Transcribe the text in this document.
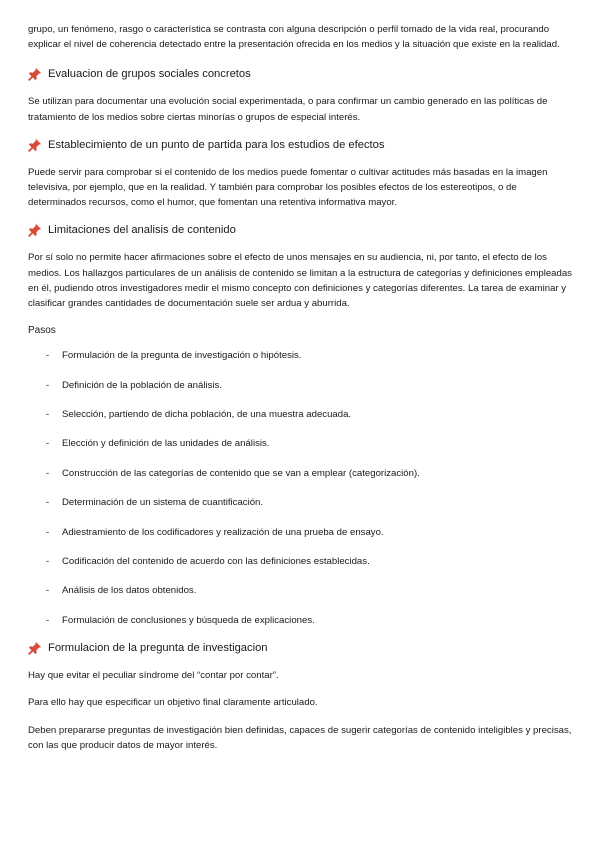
grupo, un fenómeno, rasgo o característica se contrasta con alguna descripción o perfil tomado de la vida real, procurando explicar el nivel de coherencia detectado entre la presentación ofrecida en los medios y la situación que existe en la realidad.

Evaluacion de grupos sociales concretos

Se utilizan para documentar una evolución social experimentada, o para confirmar un cambio generado en las políticas de tratamiento de los medios sobre ciertas minorías o grupos de especial interés.

Establecimiento de un punto de partida para los estudios de efectos

Puede servir para comprobar si el contenido de los medios puede fomentar o cultivar actitudes más basadas en la imagen televisiva, por ejemplo, que en la realidad. Y también para comprobar los posibles efectos de los estereotipos, o de determinados recursos, como el humor, que fomentan una retentiva informativa mayor.

Limitaciones del analisis de contenido

Por sí solo no permite hacer afirmaciones sobre el efecto de unos mensajes en su audiencia, ni, por tanto, el efecto de los medios. Los hallazgos particulares de un análisis de contenido se limitan a la estructura de categorías y definiciones empleadas en él, pudiendo otros investigadores medir el mismo concepto con definiciones y categorías diferentes. La tarea de examinar y clasificar grandes cantidades de documentación suele ser ardua y aburrida.

Pasos
- Formulación de la pregunta de investigación o hipótesis.
- Definición de la población de análisis.
- Selección, partiendo de dicha población, de una muestra adecuada.
- Elección y definición de las unidades de análisis.
- Construcción de las categorías de contenido que se van a emplear (categorización).
- Determinación de un sistema de cuantificación.
- Adiestramiento de los codificadores y realización de una prueba de ensayo.
- Codificación del contenido de acuerdo con las definiciones establecidas.
- Análisis de los datos obtenidos.
- Formulación de conclusiones y búsqueda de explicaciones.
Formulacion de la pregunta de investigacion

Hay que evitar el peculiar síndrome del “contar por contar”.

Para ello hay que especificar un objetivo final claramente articulado.

Deben prepararse preguntas de investigación bien definidas, capaces de sugerir categorías de contenido inteligibles y precisas, con las que producir datos de mayor interés.
